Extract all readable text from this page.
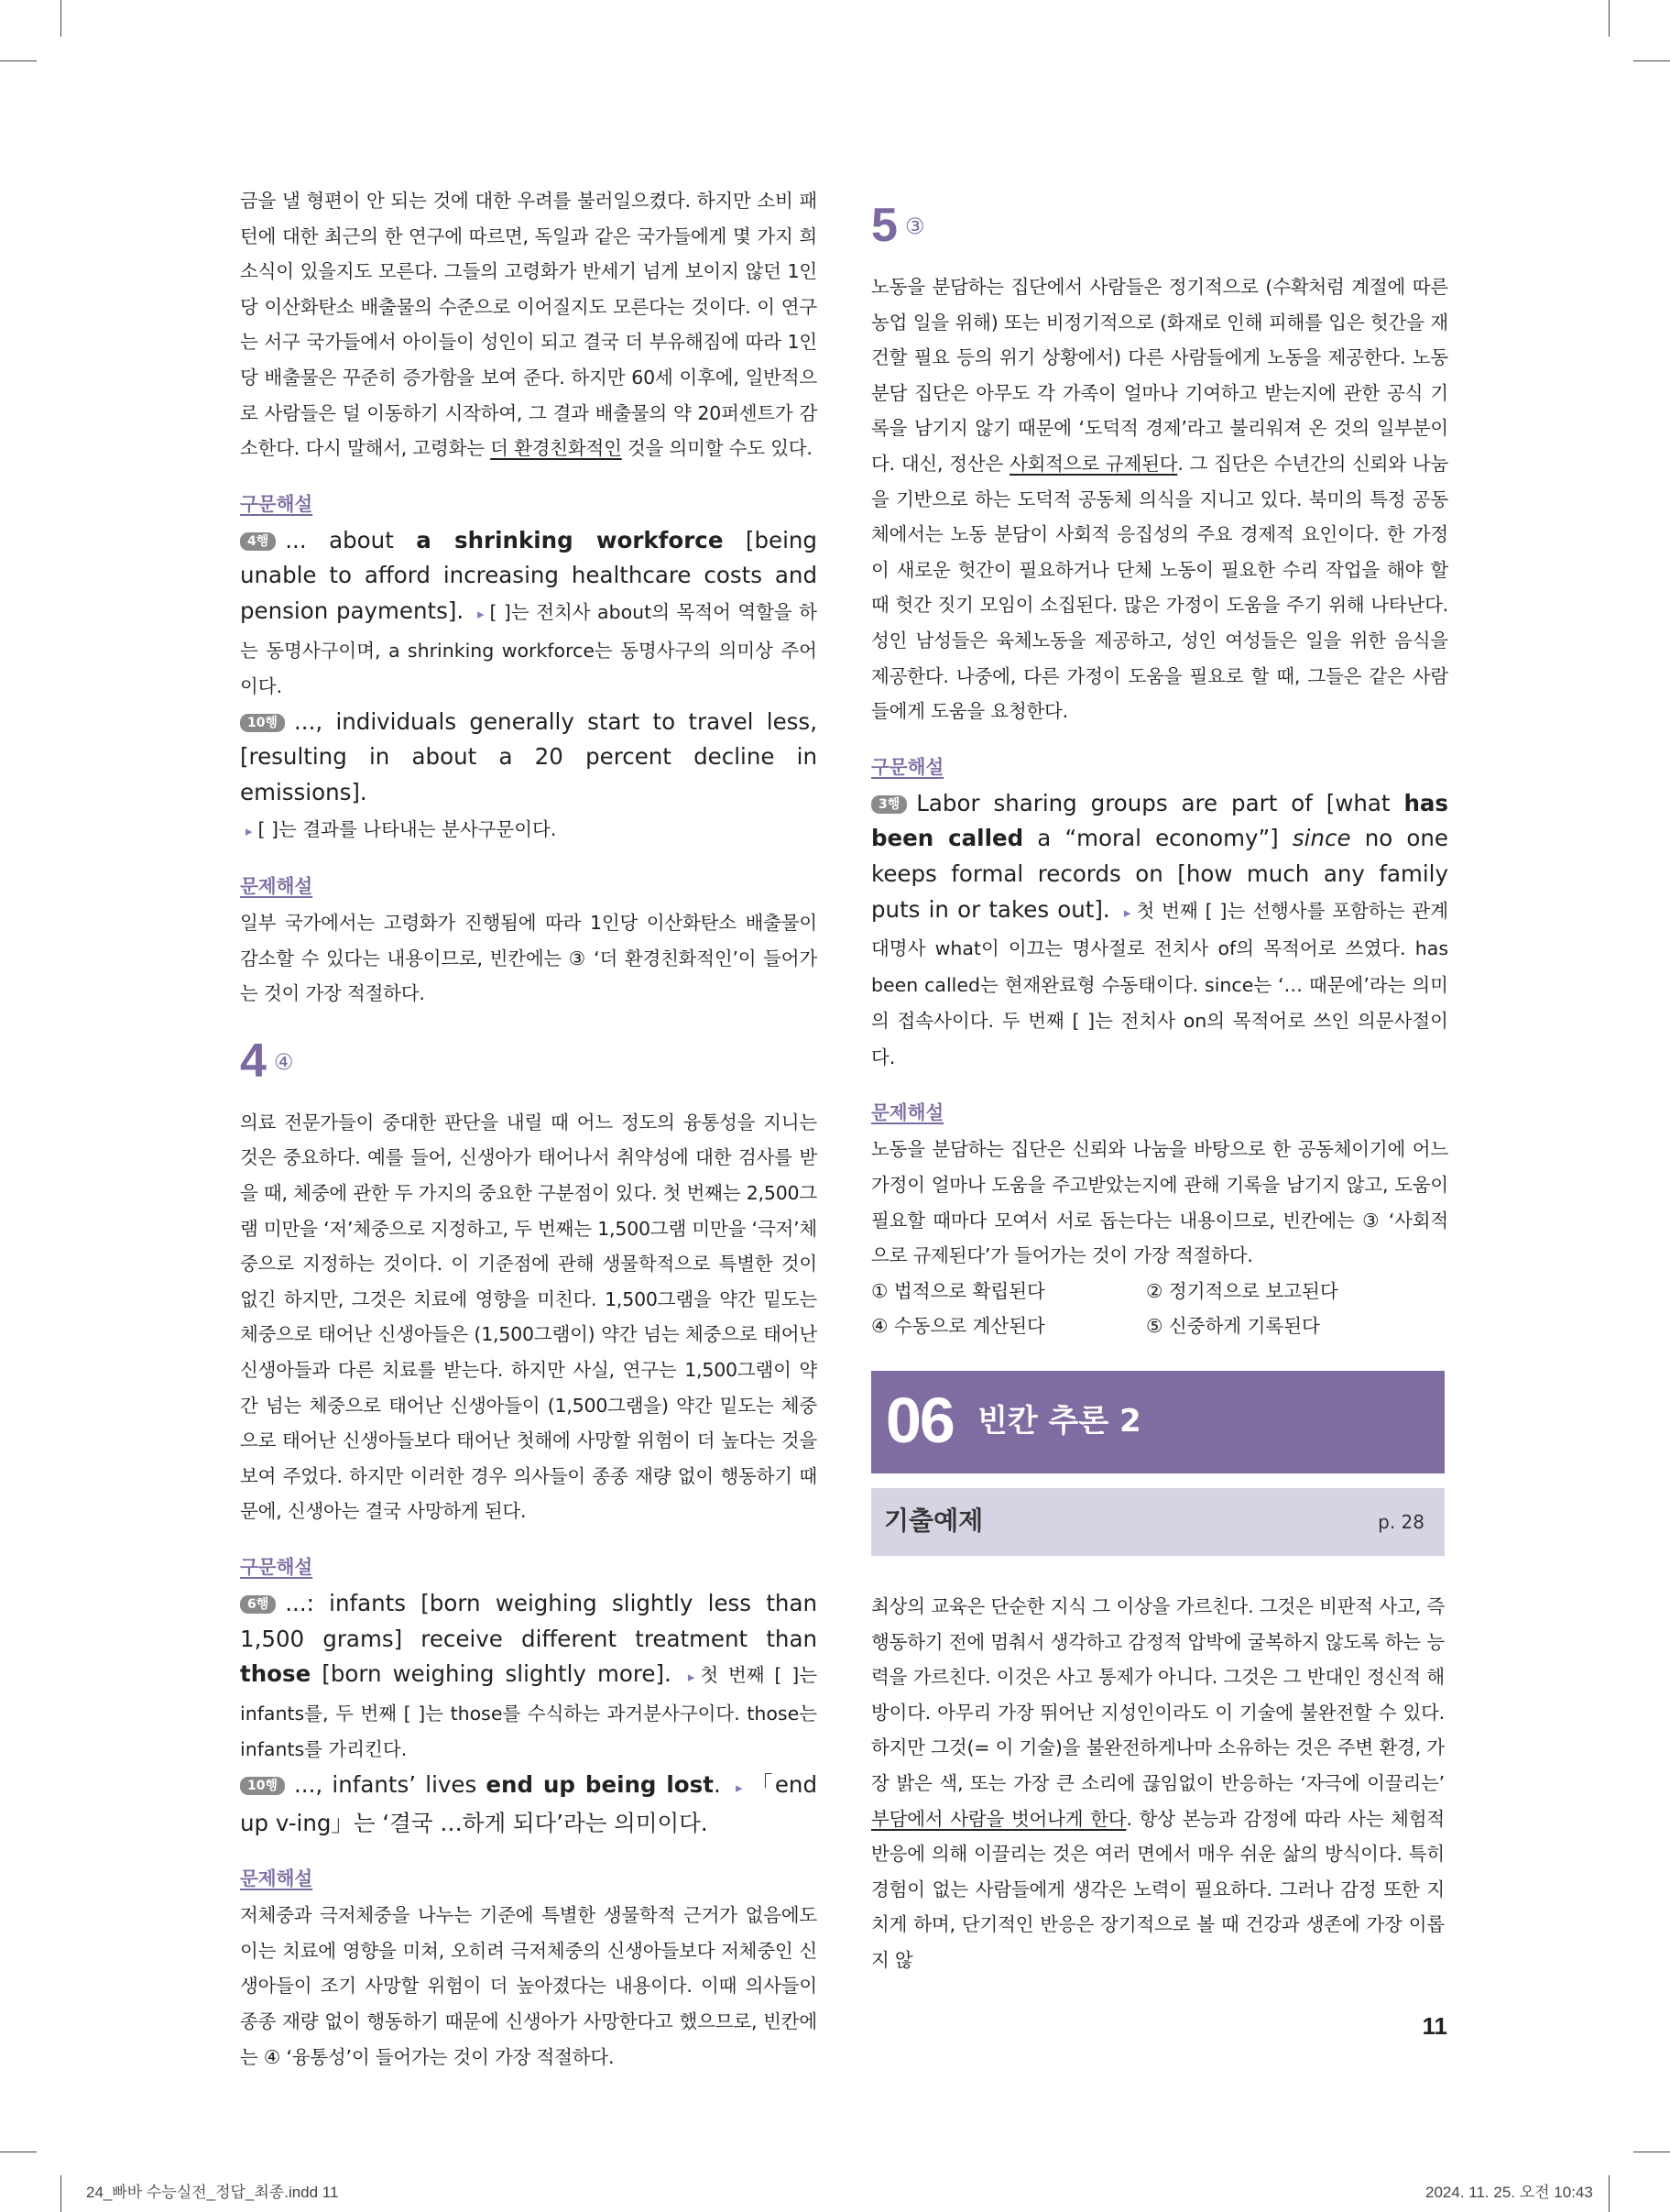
금을 낼 형편이 안 되는 것에 대한 우려를 불러일으켰다. 하지만 소비 패턴에 대한 최근의 한 연구에 따르면, 독일과 같은 국가들에게 몇 가지 희소식이 있을지도 모른다. 그들의 고령화가 반세기 넘게 보이지 않던 1인당 이산화탄소 배출물의 수준으로 이어질지도 모른다는 것이다. 이 연구는 서구 국가들에서 아이들이 성인이 되고 결국 더 부유해짐에 따라 1인당 배출물은 꾸준히 증가함을 보여 준다. 하지만 60세 이후에, 일반적으로 사람들은 덜 이동하기 시작하여, 그 결과 배출물의 약 20퍼센트가 감소한다. 다시 말해서, 고령화는 더 환경친화적인 것을 의미할 수도 있다.

구문해설

4행 ... about a shrinking workforce [being unable to afford increasing healthcare costs and pension payments]. ▸ [ ]는 전치사 about의 목적어 역할을 하는 동명사구이며, a shrinking workforce는 동명사구의 의미상 주어이다.

10행 ..., individuals generally start to travel less, [resulting in about a 20 percent decline in emissions].
▸ [ ]는 결과를 나타내는 분사구문이다.

문제해설

일부 국가에서는 고령화가 진행됨에 따라 1인당 이산화탄소 배출물이 감소할 수 있다는 내용이므로, 빈칸에는 ③ ‘더 환경친화적인’이 들어가는 것이 가장 적절하다.

4 ④

의료 전문가들이 중대한 판단을 내릴 때 어느 정도의 융통성을 지니는 것은 중요하다. 예를 들어, 신생아가 태어나서 취약성에 대한 검사를 받을 때, 체중에 관한 두 가지의 중요한 구분점이 있다. 첫 번째는 2,500그램 미만을 ‘저’체중으로 지정하고, 두 번째는 1,500그램 미만을 ‘극저’체중으로 지정하는 것이다. 이 기준점에 관해 생물학적으로 특별한 것이 없긴 하지만, 그것은 치료에 영향을 미친다. 1,500그램을 약간 밑도는 체중으로 태어난 신생아들은 (1,500그램이) 약간 넘는 체중으로 태어난 신생아들과 다른 치료를 받는다. 하지만 사실, 연구는 1,500그램이 약간 넘는 체중으로 태어난 신생아들이 (1,500그램을) 약간 밑도는 체중으로 태어난 신생아들보다 태어난 첫해에 사망할 위험이 더 높다는 것을 보여 주었다. 하지만 이러한 경우 의사들이 종종 재량 없이 행동하기 때문에, 신생아는 결국 사망하게 된다.

구문해설

6행 ...: infants [born weighing slightly less than 1,500 grams] receive different treatment than those [born weighing slightly more]. ▸ 첫 번째 [ ]는 infants를, 두 번째 [ ]는 those를 수식하는 과거분사구이다. those는 infants를 가리킨다.

10행 ..., infants’ lives end up being lost. ▸ 「end up v-ing」는 ‘결국 …하게 되다’라는 의미이다.

문제해설

저체중과 극저체중을 나누는 기준에 특별한 생물학적 근거가 없음에도 이는 치료에 영향을 미쳐, 오히려 극저체중의 신생아들보다 저체중인 신생아들이 조기 사망할 위험이 더 높아졌다는 내용이다. 이때 의사들이 종종 재량 없이 행동하기 때문에 신생아가 사망한다고 했으므로, 빈칸에는 ④ ‘융통성’이 들어가는 것이 가장 적절하다.

5 ③

노동을 분담하는 집단에서 사람들은 정기적으로 (수확처럼 계절에 따른 농업 일을 위해) 또는 비정기적으로 (화재로 인해 피해를 입은 헛간을 재건할 필요 등의 위기 상황에서) 다른 사람들에게 노동을 제공한다. 노동 분담 집단은 아무도 각 가족이 얼마나 기여하고 받는지에 관한 공식 기록을 남기지 않기 때문에 ‘도덕적 경제’라고 불리워져 온 것의 일부분이다. 대신, 정산은 사회적으로 규제된다. 그 집단은 수년간의 신뢰와 나눔을 기반으로 하는 도덕적 공동체 의식을 지니고 있다. 북미의 특정 공동체에서는 노동 분담이 사회적 응집성의 주요 경제적 요인이다. 한 가정이 새로운 헛간이 필요하거나 단체 노동이 필요한 수리 작업을 해야 할 때 헛간 짓기 모임이 소집된다. 많은 가정이 도움을 주기 위해 나타난다. 성인 남성들은 육체노동을 제공하고, 성인 여성들은 일을 위한 음식을 제공한다. 나중에, 다른 가정이 도움을 필요로 할 때, 그들은 같은 사람들에게 도움을 요청한다.

구문해설

3행 Labor sharing groups are part of [what has been called a “moral economy”] since no one keeps formal records on [how much any family puts in or takes out]. ▸ 첫 번째 [ ]는 선행사를 포함하는 관계대명사 what이 이끄는 명사절로 전치사 of의 목적어로 쓰였다. has been called는 현재완료형 수동태이다. since는 ‘… 때문에’라는 의미의 접속사이다. 두 번째 [ ]는 전치사 on의 목적어로 쓰인 의문사절이다.

문제해설

노동을 분담하는 집단은 신뢰와 나눔을 바탕으로 한 공동체이기에 어느 가정이 얼마나 도움을 주고받았는지에 관해 기록을 남기지 않고, 도움이 필요할 때마다 모여서 서로 돕는다는 내용이므로, 빈칸에는 ③ ‘사회적으로 규제된다’가 들어가는 것이 가장 적절하다.

① 법적으로 확립된다	② 정기적으로 보고된다
④ 수동으로 계산된다	⑤ 신중하게 기록된다
06 빈칸 추론 2
기출예제	p. 28

최상의 교육은 단순한 지식 그 이상을 가르친다. 그것은 비판적 사고, 즉 행동하기 전에 멈춰서 생각하고 감정적 압박에 굴복하지 않도록 하는 능력을 가르친다. 이것은 사고 통제가 아니다. 그것은 그 반대인 정신적 해방이다. 아무리 가장 뛰어난 지성인이라도 이 기술에 불완전할 수 있다. 하지만 그것(= 이 기술)을 불완전하게나마 소유하는 것은 주변 환경, 가장 밝은 색, 또는 가장 큰 소리에 끊임없이 반응하는 ‘자극에 이끌리는’ 부담에서 사람을 벗어나게 한다. 항상 본능과 감정에 따라 사는 체험적 반응에 의해 이끌리는 것은 여러 면에서 매우 쉬운 삶의 방식이다. 특히 경험이 없는 사람들에게 생각은 노력이 필요하다. 그러나 감정 또한 지치게 하며, 단기적인 반응은 장기적으로 볼 때 건강과 생존에 가장 이롭지 않

11
24_빠바 수능실전_정답_최종.indd 11	2024. 11. 25. 오전 10:43
